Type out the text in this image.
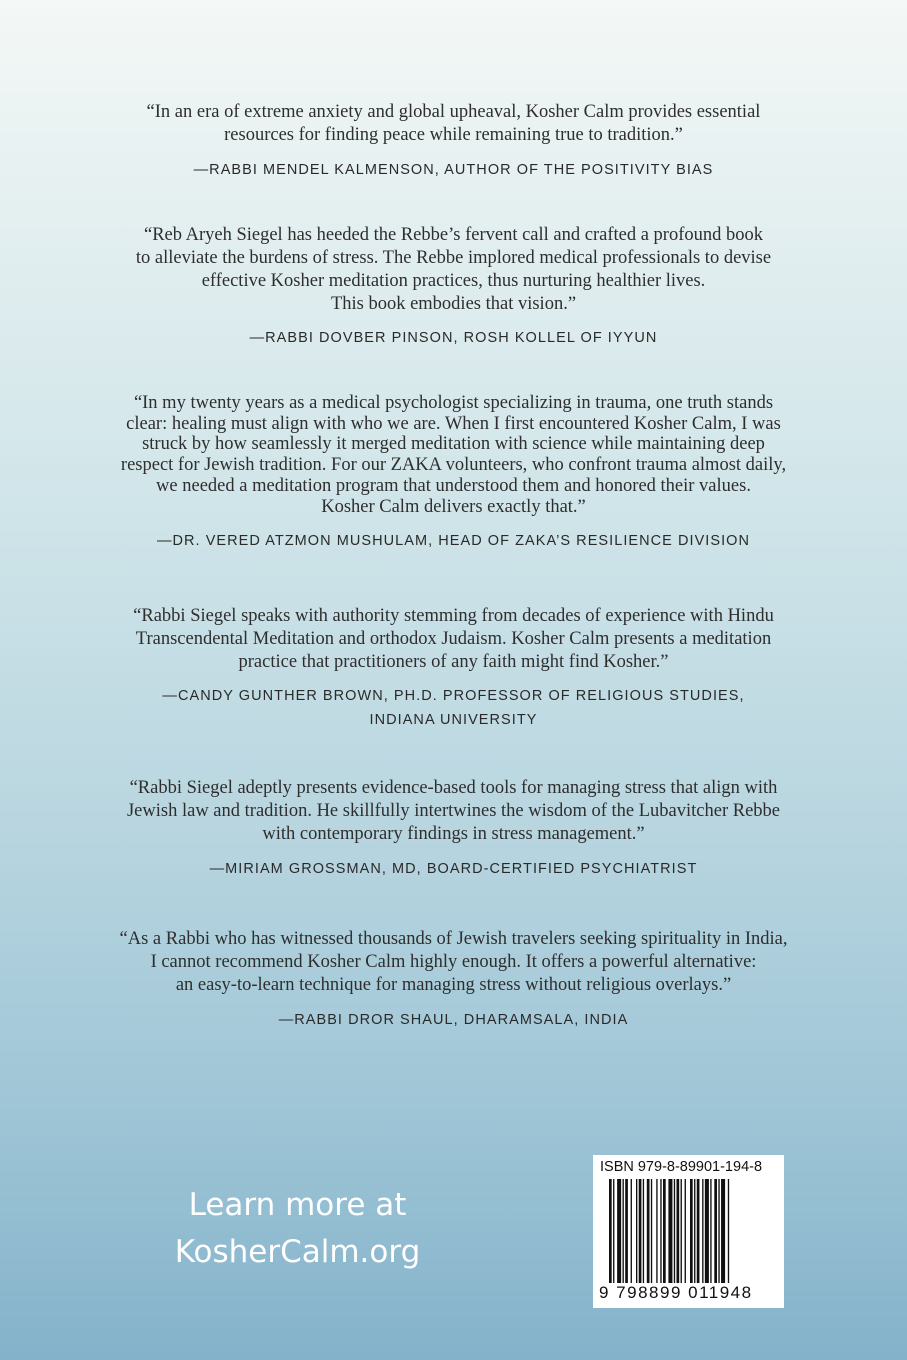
“In an era of extreme anxiety and global upheaval, Kosher Calm provides essential
resources for finding peace while remaining true to tradition.”

—RABBI MENDEL KALMENSON, AUTHOR OF THE POSITIVITY BIAS

“Reb Aryeh Siegel has heeded the Rebbe’s fervent call and crafted a profound book
to alleviate the burdens of stress. The Rebbe implored medical professionals to devise
effective Kosher meditation practices, thus nurturing healthier lives.
This book embodies that vision.”

—RABBI DOVBER PINSON, ROSH KOLLEL OF IYYUN

“In my twenty years as a medical psychologist specializing in trauma, one truth stands
clear: healing must align with who we are. When I first encountered Kosher Calm, I was
struck by how seamlessly it merged meditation with science while maintaining deep
respect for Jewish tradition. For our ZAKA volunteers, who confront trauma almost daily,
we needed a meditation program that understood them and honored their values.
Kosher Calm delivers exactly that.”

—DR. VERED ATZMON MUSHULAM, HEAD OF ZAKA’S RESILIENCE DIVISION

“Rabbi Siegel speaks with authority stemming from decades of experience with Hindu
Transcendental Meditation and orthodox Judaism. Kosher Calm presents a meditation
practice that practitioners of any faith might find Kosher.”

—CANDY GUNTHER BROWN, PH.D. PROFESSOR OF RELIGIOUS STUDIES,
INDIANA UNIVERSITY

“Rabbi Siegel adeptly presents evidence-based tools for managing stress that align with
Jewish law and tradition. He skillfully intertwines the wisdom of the Lubavitcher Rebbe
with contemporary findings in stress management.”

—MIRIAM GROSSMAN, MD, BOARD-CERTIFIED PSYCHIATRIST

“As a Rabbi who has witnessed thousands of Jewish travelers seeking spirituality in India,
I cannot recommend Kosher Calm highly enough. It offers a powerful alternative:
an easy-to-learn technique for managing stress without religious overlays.”

—RABBI DROR SHAUL, DHARAMSALA, INDIA

Learn more at
KosherCalm.org
ISBN 979-8-89901-194-8
9 798899 011948
